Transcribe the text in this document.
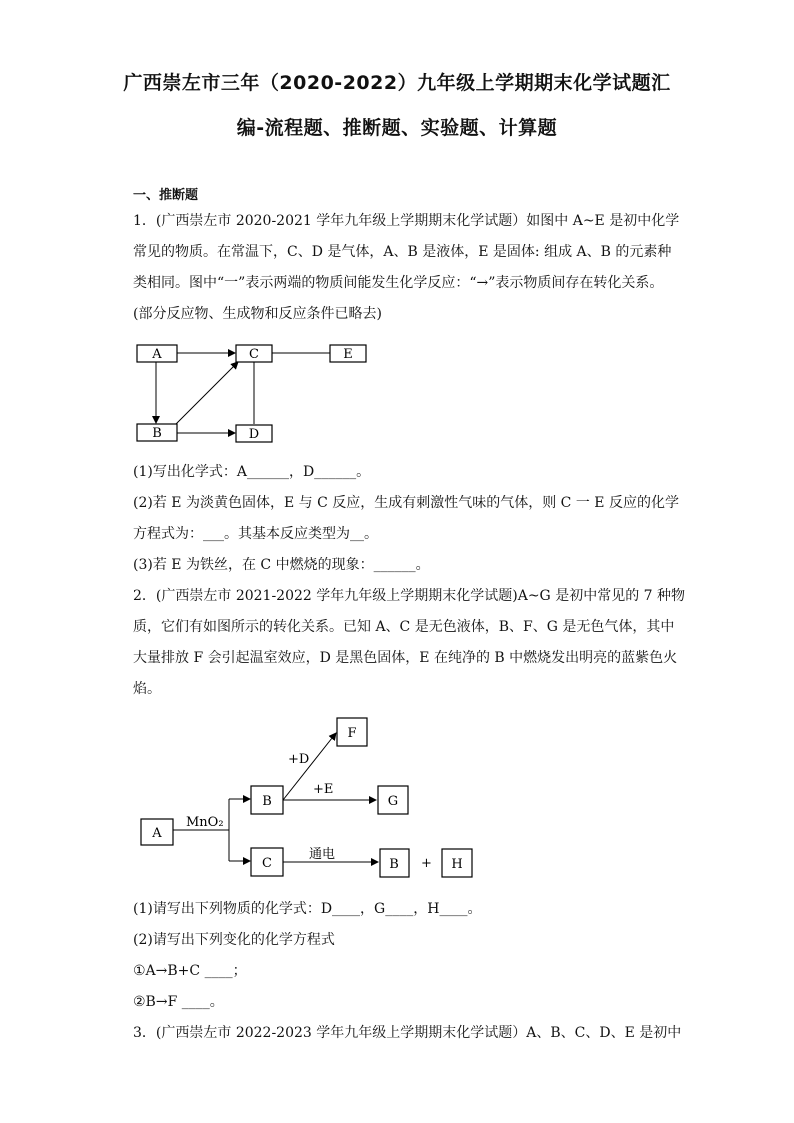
广西崇左市三年（2020-2022）九年级上学期期末化学试题汇
编-流程题、推断题、实验题、计算题
一、推断题
1．(广西崇左市 2020-2021 学年九年级上学期期末化学试题）如图中 A~E 是初中化学
常见的物质。在常温下，C、D 是气体，A、B 是液体，E 是固体: 组成 A、B 的元素种
类相同。图中“一”表示两端的物质间能发生化学反应：“→”表示物质间存在转化关系。
(部分反应物、生成物和反应条件已略去)
A	C	E
B	D
A
B
C
F
G
B	H
MnO₂
+D
+E
通电
+
(1)写出化学式：A______，D______。
(2)若 E 为淡黄色固体，E 与 C 反应，生成有刺激性气味的气体，则 C 一 E 反应的化学
方程式为：___。其基本反应类型为__。
(3)若 E 为铁丝，在 C 中燃烧的现象：______。
2．(广西崇左市 2021-2022 学年九年级上学期期末化学试题)A~G 是初中常见的 7 种物
质，它们有如图所示的转化关系。已知 A、C 是无色液体，B、F、G 是无色气体，其中
大量排放 F 会引起温室效应，D 是黑色固体，E 在纯净的 B 中燃烧发出明亮的蓝紫色火
焰。
(1)请写出下列物质的化学式：D____，G____，H____。
(2)请写出下列变化的化学方程式
①A→B+C ____；
②B→F ____。
3．(广西崇左市 2022-2023 学年九年级上学期期末化学试题）A、B、C、D、E 是初中
